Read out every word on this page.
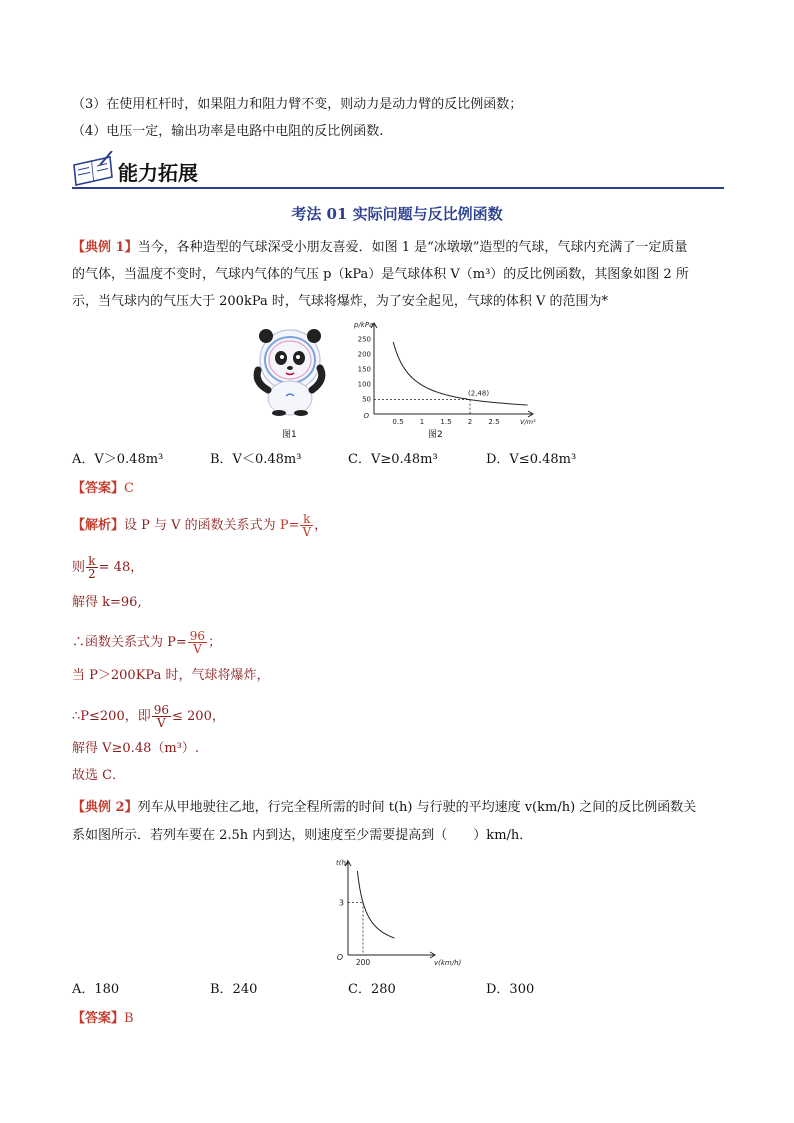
（3）在使用杠杆时，如果阻力和阻力臂不变，则动力是动力臂的反比例函数；
（4）电压一定，输出功率是电路中电阻的反比例函数.
能力拓展
考法 01 实际问题与反比例函数
【典例 1】当今，各种造型的气球深受小朋友喜爱．如图 1 是“冰墩墩”造型的气球，气球内充满了一定质量
的气体，当温度不变时，气球内气体的气压 p（kPa）是气球体积 V（m³）的反比例函数，其图象如图 2 所
示，当气球内的气压大于 200kPa 时，气球将爆炸，为了安全起见，气球的体积 V 的范围为*
图1
0.5 1 1.5 2 2.5
50
100
150
200
250
O
p/kPa
V/m³
(2,48)
图2
A．V＞0.48m³	B．V＜0.48m³	C．V≥0.48m³	D．V≤0.48m³
【答案】C
【解析】设 P 与 V 的函数关系式为 $P= \frac{k}{V}$ ，
则 $\frac{k}{2} = 48$，
解得 k=96,
∴函数关系式为 $P= \frac{96}{V}$ ；
当 P＞200KPa 时，气球将爆炸，
∴P≤200，即 $\frac{96}{V} \le 200$，
解得 V≥0.48（m³）.
故选 C．
【典例 2】列车从甲地驶往乙地，行完全程所需的时间 t(h) 与行驶的平均速度 v(km/h) 之间的反比例函数关
系如图所示．若列车要在 2.5h 内到达，则速度至少需要提高到（　　）km/h．
3
200
O
t(h)
v(km/h)
A．180	B．240	C．280	D．300
【答案】B
